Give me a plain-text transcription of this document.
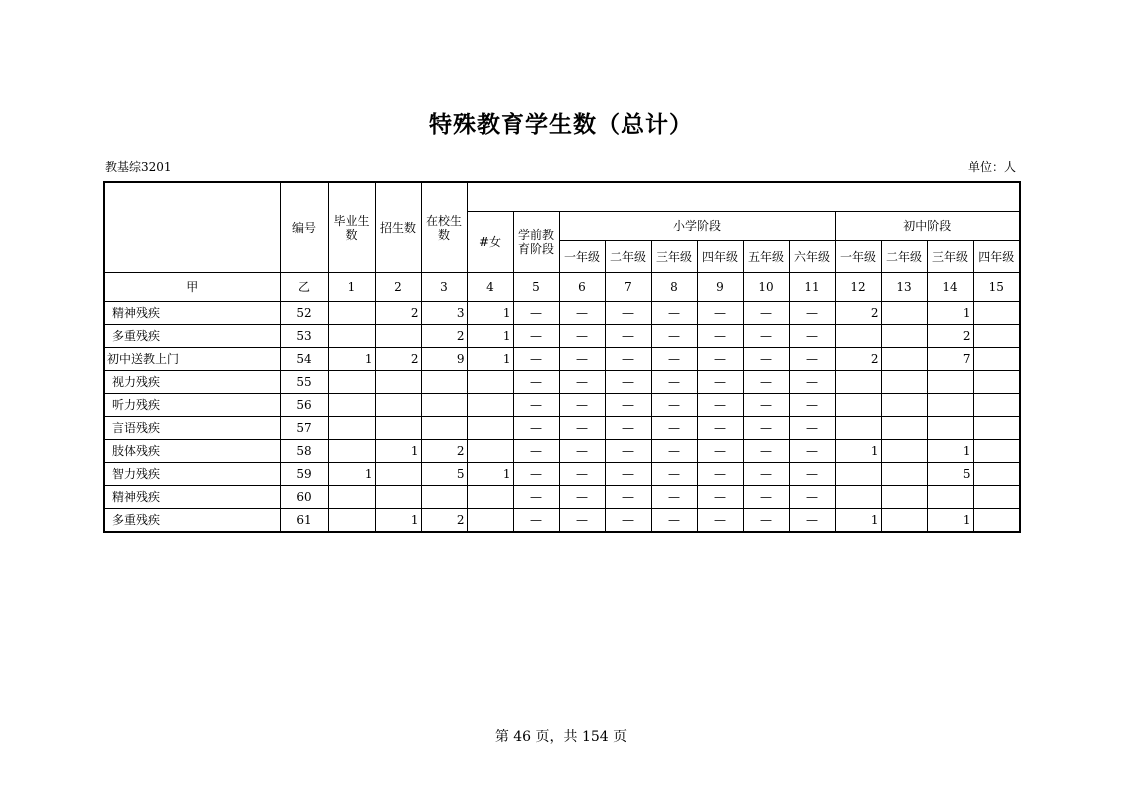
特殊教育学生数（总计）
教基综3201	单位：人
	编号	毕业生数	招生数	在校生数												
					#女	学前教育阶段	小学阶段						初中阶段			
							一年级	二年级	三年级	四年级	五年级	六年级	一年级	二年级	三年级	四年级
甲	乙	1	2	3	4	5	6	7	8	9	10	11	12	13	14	15
精神残疾	52		2	3	1	—	—	—	—	—	—	—	2		1	
多重残疾	53			2	1	—	—	—	—	—	—	—			2	
初中送教上门	54	1	2	9	1	—	—	—	—	—	—	—	2		7	
视力残疾	55					—	—	—	—	—	—	—				
听力残疾	56					—	—	—	—	—	—	—				
言语残疾	57					—	—	—	—	—	—	—				
肢体残疾	58		1	2		—	—	—	—	—	—	—	1		1	
智力残疾	59	1		5	1	—	—	—	—	—	—	—			5	
精神残疾	60					—	—	—	—	—	—	—				
多重残疾	61		1	2		—	—	—	—	—	—	—	1		1	
第 46 页，共 154 页
